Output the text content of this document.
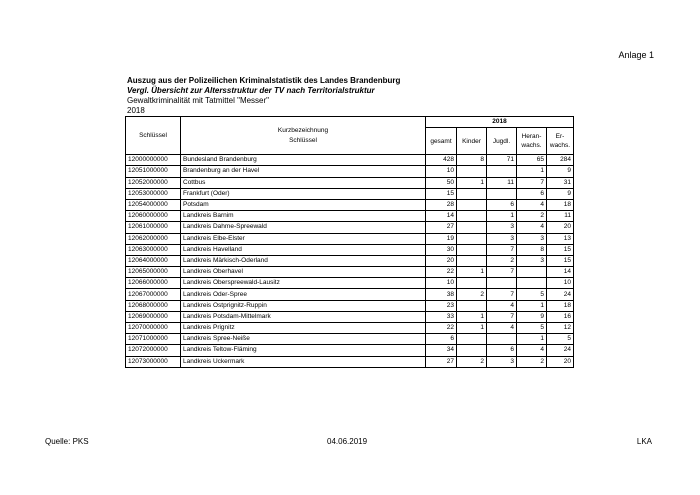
Anlage 1
Auszug aus der Polizeilichen Kriminalstatistik des Landes Brandenburg
Vergl. Übersicht zur Altersstruktur der TV nach Territorialstruktur
Gewaltkriminalität mit Tatmittel "Messer"
2018
Schlüssel	Kurzbezeichnung
Schlüssel	2018				
		gesamt	Kinder	Jugdl.	Heran-
wachs.	Er-
wachs.
12000000000	Bundesland Brandenburg	428	8	71	65	284
12051000000	Brandenburg an der Havel	10			1	9
12052000000	Cottbus	50	1	11	7	31
12053000000	Frankfurt (Oder)	15			6	9
12054000000	Potsdam	28		6	4	18
12060000000	Landkreis Barnim	14		1	2	11
12061000000	Landkreis Dahme-Spreewald	27		3	4	20
12062000000	Landkreis Elbe-Elster	19		3	3	13
12063000000	Landkreis Havelland	30		7	8	15
12064000000	Landkreis Märkisch-Oderland	20		2	3	15
12065000000	Landkreis Oberhavel	22	1	7		14
12066000000	Landkreis Oberspreewald-Lausitz	10				10
12067000000	Landkreis Oder-Spree	38	2	7	5	24
12068000000	Landkreis Ostprignitz-Ruppin	23		4	1	18
12069000000	Landkreis Potsdam-Mittelmark	33	1	7	9	16
12070000000	Landkreis Prignitz	22	1	4	5	12
12071000000	Landkreis Spree-Neiße	6			1	5
12072000000	Landkreis Teltow-Fläming	34		6	4	24
12073000000	Landkreis Uckermark	27	2	3	2	20
Quelle: PKS	04.06.2019	LKA
